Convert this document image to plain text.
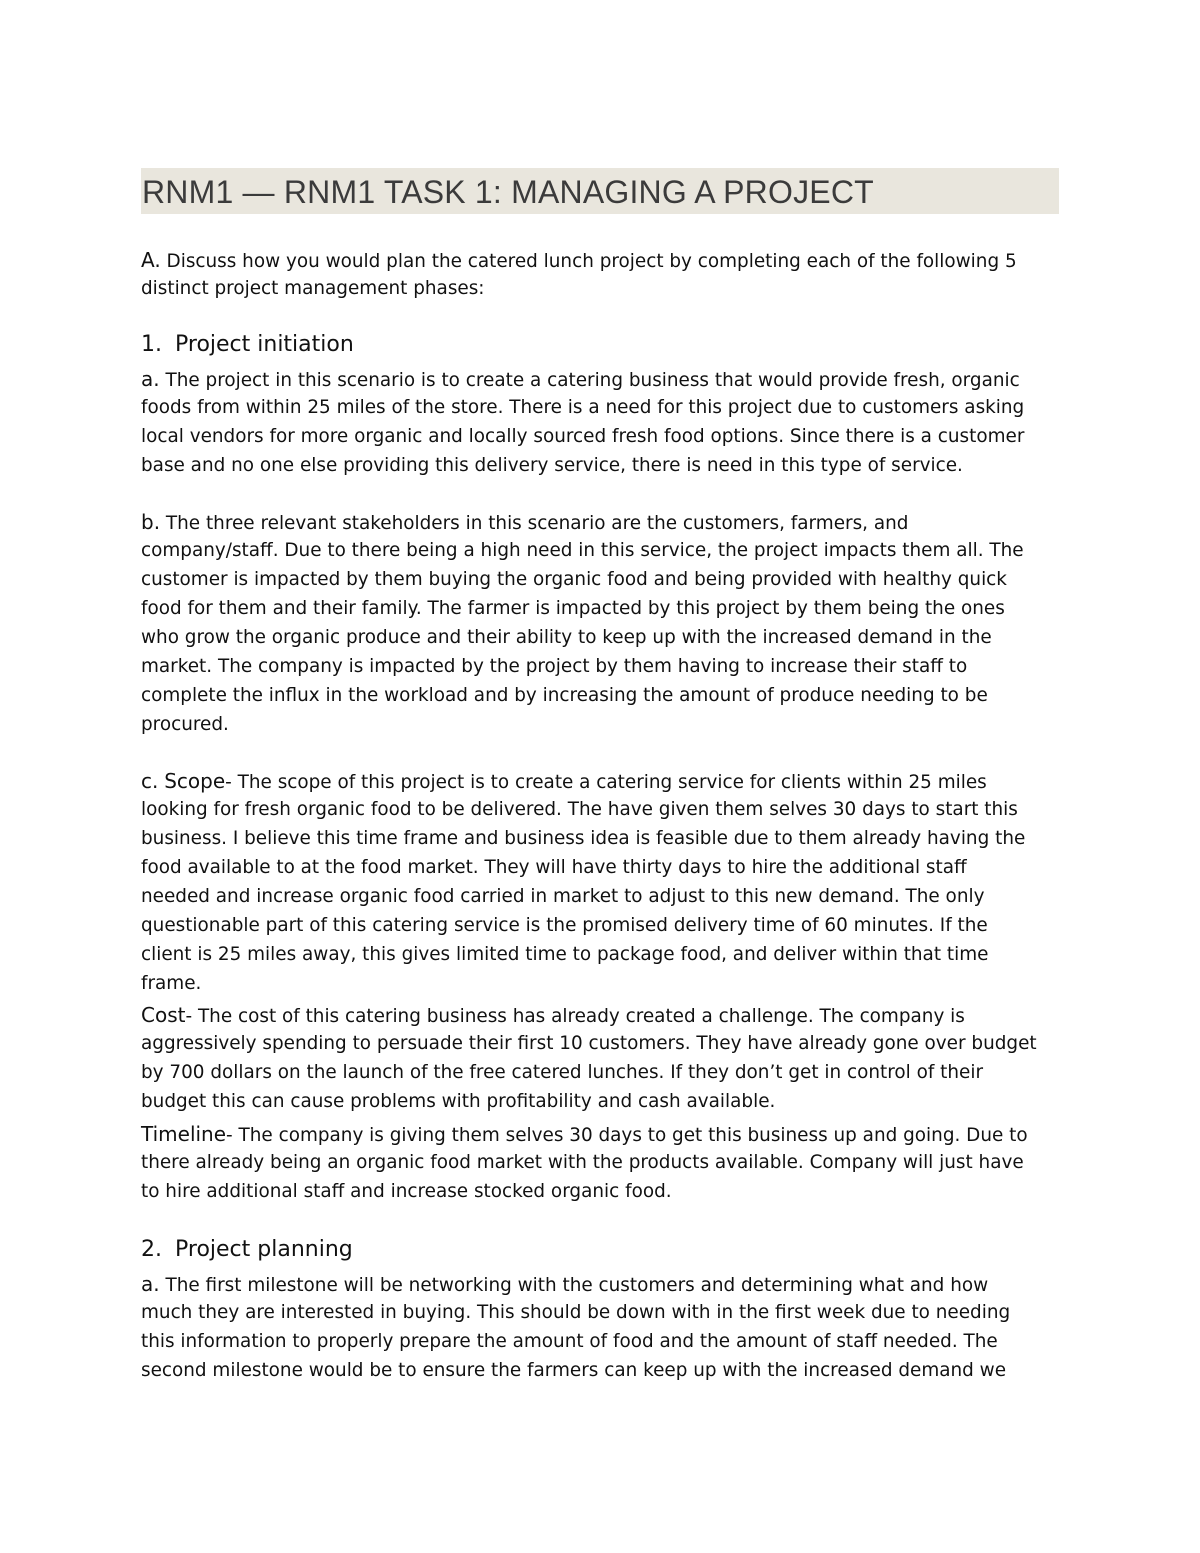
RNM1 — RNM1 TASK 1: MANAGING A PROJECT
A. Discuss how you would plan the catered lunch project by completing each of the following 5
distinct project management phases:
1. Project initiation
a. The project in this scenario is to create a catering business that would provide fresh, organic
foods from within 25 miles of the store. There is a need for this project due to customers asking
local vendors for more organic and locally sourced fresh food options. Since there is a customer
base and no one else providing this delivery service, there is need in this type of service.
b. The three relevant stakeholders in this scenario are the customers, farmers, and
company/staff. Due to there being a high need in this service, the project impacts them all. The
customer is impacted by them buying the organic food and being provided with healthy quick
food for them and their family. The farmer is impacted by this project by them being the ones
who grow the organic produce and their ability to keep up with the increased demand in the
market. The company is impacted by the project by them having to increase their staff to
complete the influx in the workload and by increasing the amount of produce needing to be
procured.
c. Scope- The scope of this project is to create a catering service for clients within 25 miles
looking for fresh organic food to be delivered. The have given them selves 30 days to start this
business. I believe this time frame and business idea is feasible due to them already having the
food available to at the food market. They will have thirty days to hire the additional staff
needed and increase organic food carried in market to adjust to this new demand. The only
questionable part of this catering service is the promised delivery time of 60 minutes. If the
client is 25 miles away, this gives limited time to package food, and deliver within that time
frame.
Cost- The cost of this catering business has already created a challenge. The company is
aggressively spending to persuade their first 10 customers. They have already gone over budget
by 700 dollars on the launch of the free catered lunches. If they don’t get in control of their
budget this can cause problems with profitability and cash available.
Timeline- The company is giving them selves 30 days to get this business up and going. Due to
there already being an organic food market with the products available. Company will just have
to hire additional staff and increase stocked organic food.
2. Project planning
a. The first milestone will be networking with the customers and determining what and how
much they are interested in buying. This should be down with in the first week due to needing
this information to properly prepare the amount of food and the amount of staff needed. The
second milestone would be to ensure the farmers can keep up with the increased demand we
